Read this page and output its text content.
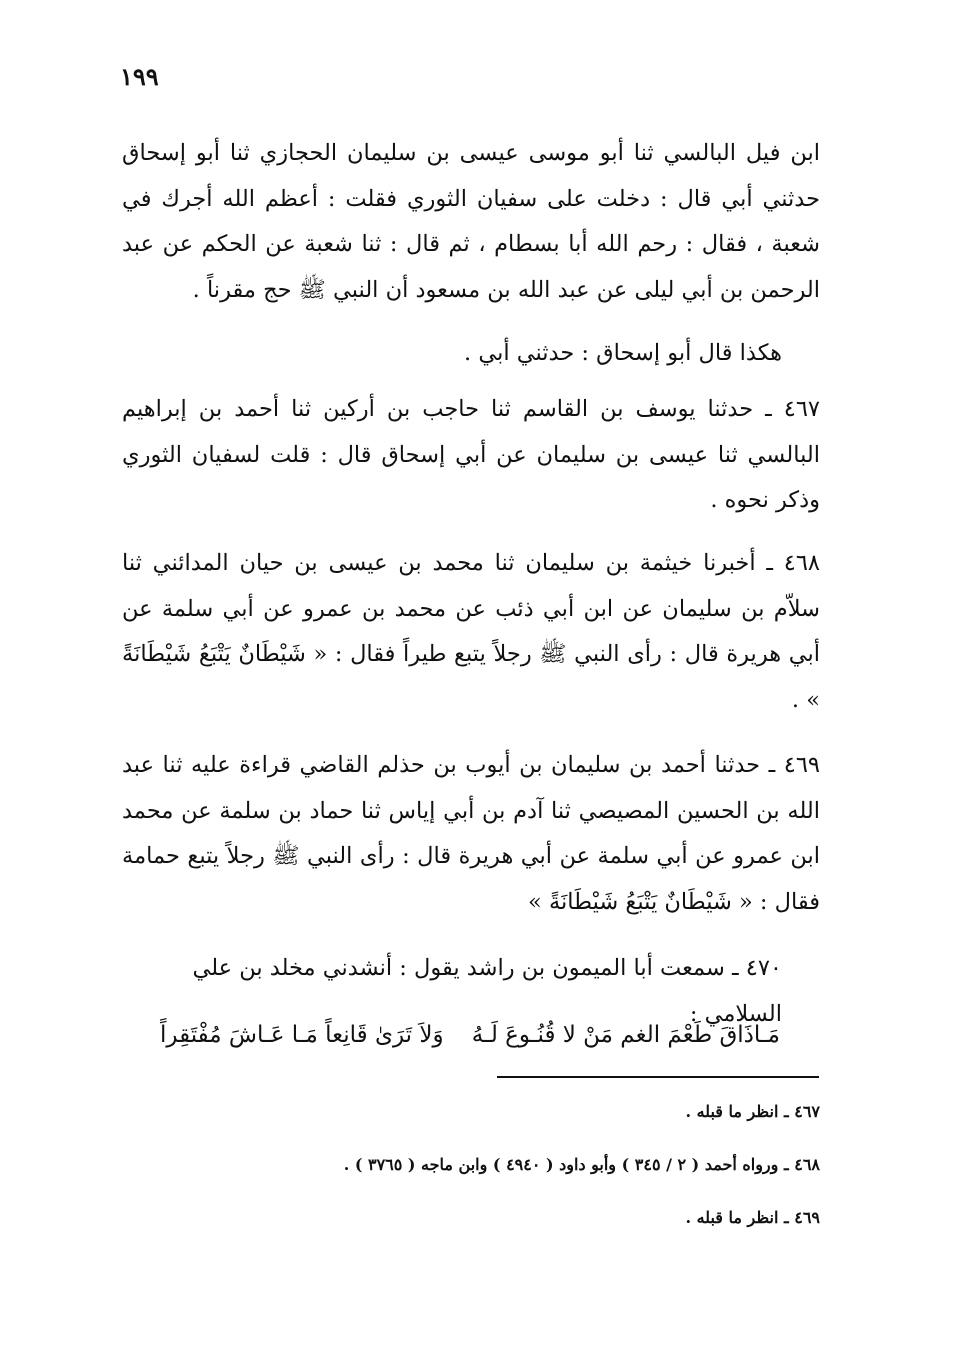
١٩٩
ابن فيل البالسي ثنا أبو موسى عيسى بن سليمان الحجازي ثنا أبو إسحاق حدثني أبي قال : دخلت على سفيان الثوري فقلت : أعظم الله أجرك في شعبة ، فقال : رحم الله أبا بسطام ، ثم قال : ثنا شعبة عن الحكم عن عبد الرحمن بن أبي ليلى عن عبد الله بن مسعود أن النبي ﷺ حج مقرناً .
هكذا قال أبو إسحاق : حدثني أبي .
٤٦٧ ـ حدثنا يوسف بن القاسم ثنا حاجب بن أركين ثنا أحمد بن إبراهيم البالسي ثنا عيسى بن سليمان عن أبي إسحاق قال : قلت لسفيان الثوري وذكر نحوه .
٤٦٨ ـ أخبرنا خيثمة بن سليمان ثنا محمد بن عيسى بن حيان المدائني ثنا سلاّم بن سليمان عن ابن أبي ذئب عن محمد بن عمرو عن أبي سلمة عن أبي هريرة قال : رأى النبي ﷺ رجلاً يتبع طيراً فقال : « شَيْطَانٌ يَتْبَعُ شَيْطَانَةً » .
٤٦٩ ـ حدثنا أحمد بن سليمان بن أيوب بن حذلم القاضي قراءة عليه ثنا عبد الله بن الحسين المصيصي ثنا آدم بن أبي إياس ثنا حماد بن سلمة عن محمد ابن عمرو عن أبي سلمة عن أبي هريرة قال : رأى النبي ﷺ رجلاً يتبع حمامة فقال : « شَيْطَانٌ يَتْبَعُ شَيْطَانَةً »
٤٧٠ ـ سمعت أبا الميمون بن راشد يقول : أنشدني مخلد بن علي السلامي :
مَـاذَاقَ طَعْمَ الغم مَنْ لا قُنُـوعَ لَـهُ
وَلاَ تَرَىٰ قَانِعاً مَـا عَـاشَ مُفْتَقِراً
٤٦٧ ـ انظر ما قبله .
٤٦٨ ـ ورواه أحمد ( ٢ / ٣٤٥ ) وأبو داود ( ٤٩٤٠ ) وابن ماجه ( ٣٧٦٥ ) .
٤٦٩ ـ انظر ما قبله .
